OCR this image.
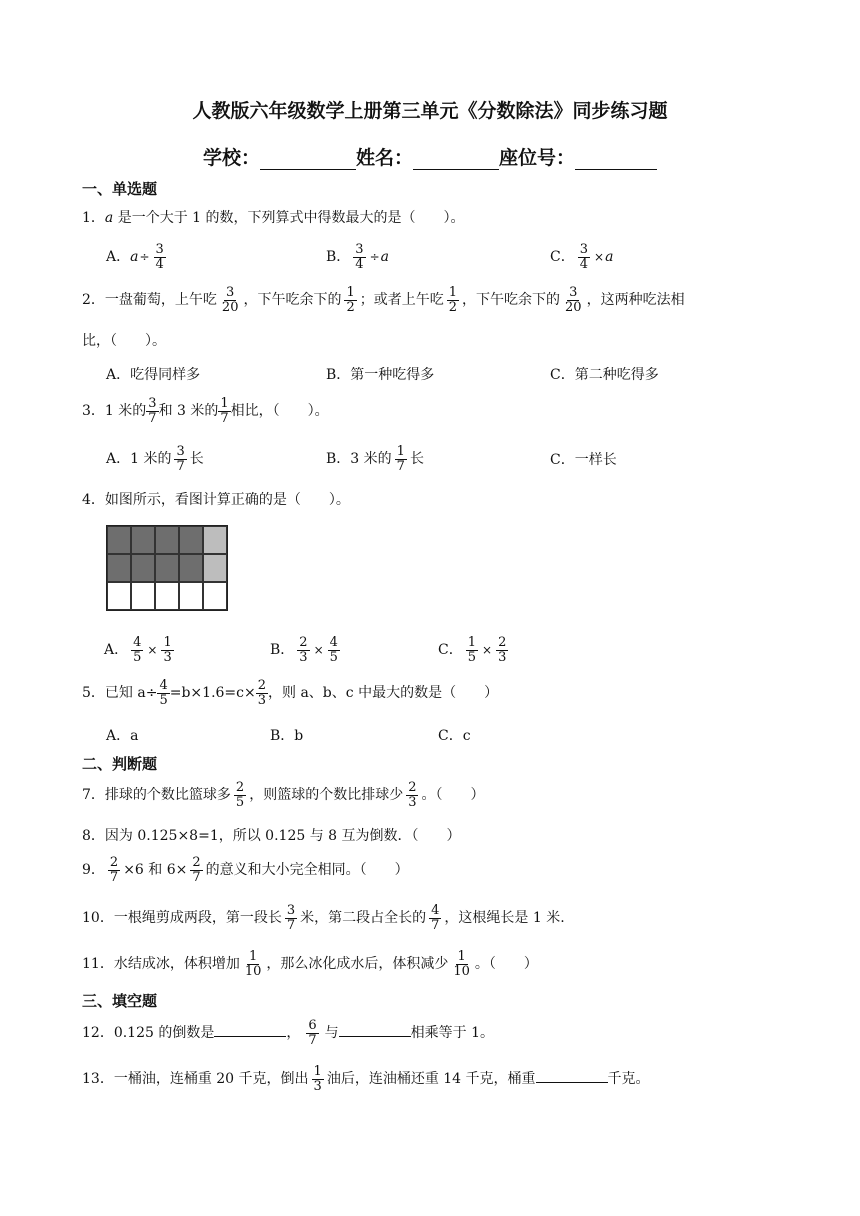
人教版六年级数学上册第三单元《分数除法》同步练习题
学校：	姓名：	座位号：
一、单选题
1．a 是一个大于 1 的数，下列算式中得数最大的是（　　）。
A．$a\div \frac{3}{4}$	B． $\frac{3}{4} \div a$	C． $\frac{3}{4} \times a$
2．一盘葡萄，上午吃 $\frac{3}{20}$ ，下午吃余下的 $\frac{1}{2}$ ；或者上午吃 $\frac{1}{2}$ ，下午吃余下的 $\frac{3}{20}$ ，这两种吃法相
比，（　　）。
A．吃得同样多	B．第一种吃得多	C．第二种吃得多
3．1 米的 $\frac{3}{7}$ 和 3 米的 $\frac{1}{7}$ 相比，（　　）。
A．1 米的 $\frac{3}{7}$ 长	B．3 米的 $\frac{1}{7}$ 长	C．一样长
4．如图所示，看图计算正确的是（　　）。
A． $\frac{4}{5} \times \frac{1}{3}$	B． $\frac{2}{3} \times \frac{4}{5}$	C． $\frac{1}{5} \times \frac{2}{3}$
5．已知 $a\div \frac{4}{5} =b\times 1.6=c\times \frac{2}{3}$ ，则 a、b、c 中最大的数是（　　）
A．a	B．b	C．c
二、判断题
7．排球的个数比篮球多 $\frac{2}{5}$ ，则篮球的个数比排球少 $\frac{2}{3}$ 。（　　）
8．因为 0.125×8=1，所以 0.125 与 8 互为倒数．（　　）
9． $\frac{2}{7} \times 6$ 和 $6\times \frac{2}{7}$ 的意义和大小完全相同。（　　）
10．一根绳剪成两段，第一段长 $\frac{3}{7}$ 米，第二段占全长的 $\frac{4}{7}$ ，这根绳长是 1 米.
11．水结成冰，体积增加 $\frac{1}{10}$ ，那么冰化成水后，体积减少 $\frac{1}{10}$ 。（　　）
三、填空题
12．0.125 的倒数是	， $\frac{6}{7}$ 与	相乘等于 1。
13．一桶油，连桶重 20 千克，倒出 $\frac{1}{3}$ 油后，连油桶还重 14 千克，桶重	千克。
